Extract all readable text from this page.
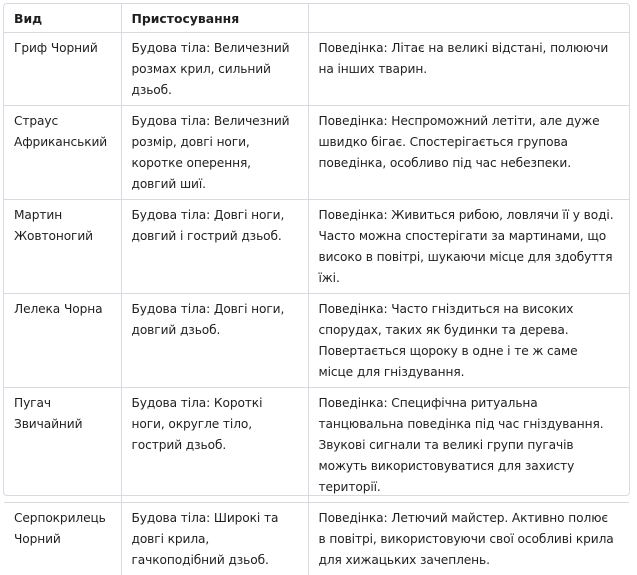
Вид	Пристосування	
Гриф Чорний	Будова тіла: Величезний розмах крил, сильний дзьоб.	Поведінка: Літає на великі відстані, полюючи на інших тварин.
Страус Африканський	Будова тіла: Величезний розмір, довгі ноги, коротке оперення, довгий шиї.	Поведінка: Неспроможний летіти, але дуже швидко бігає. Спостерігається групова поведінка, особливо під час небезпеки.
Мартин Жовтоногий	Будова тіла: Довгі ноги, довгий і гострий дзьоб.	Поведінка: Живиться рибою, ловлячи її у воді. Часто можна спостерігати за мартинами, що високо в повітрі, шукаючи місце для здобуття їжі.
Лелека Чорна	Будова тіла: Довгі ноги, довгий дзьоб.	Поведінка: Часто гніздиться на високих спорудах, таких як будинки та дерева. Повертається щороку в одне і те ж саме місце для гніздування.
Пугач Звичайний	Будова тіла: Короткі ноги, округле тіло, гострий дзьоб.	Поведінка: Специфічна ритуальна танцювальна поведінка під час гніздування. Звукові сигнали та великі групи пугачів можуть використовуватися для захисту території.
Серпокрилець Чорний	Будова тіла: Широкі та довгі крила, гачкоподібний дзьоб.	Поведінка: Летючий майстер. Активно полює в повітрі, використовуючи свої особливі крила для хижацьких зачеплень.
